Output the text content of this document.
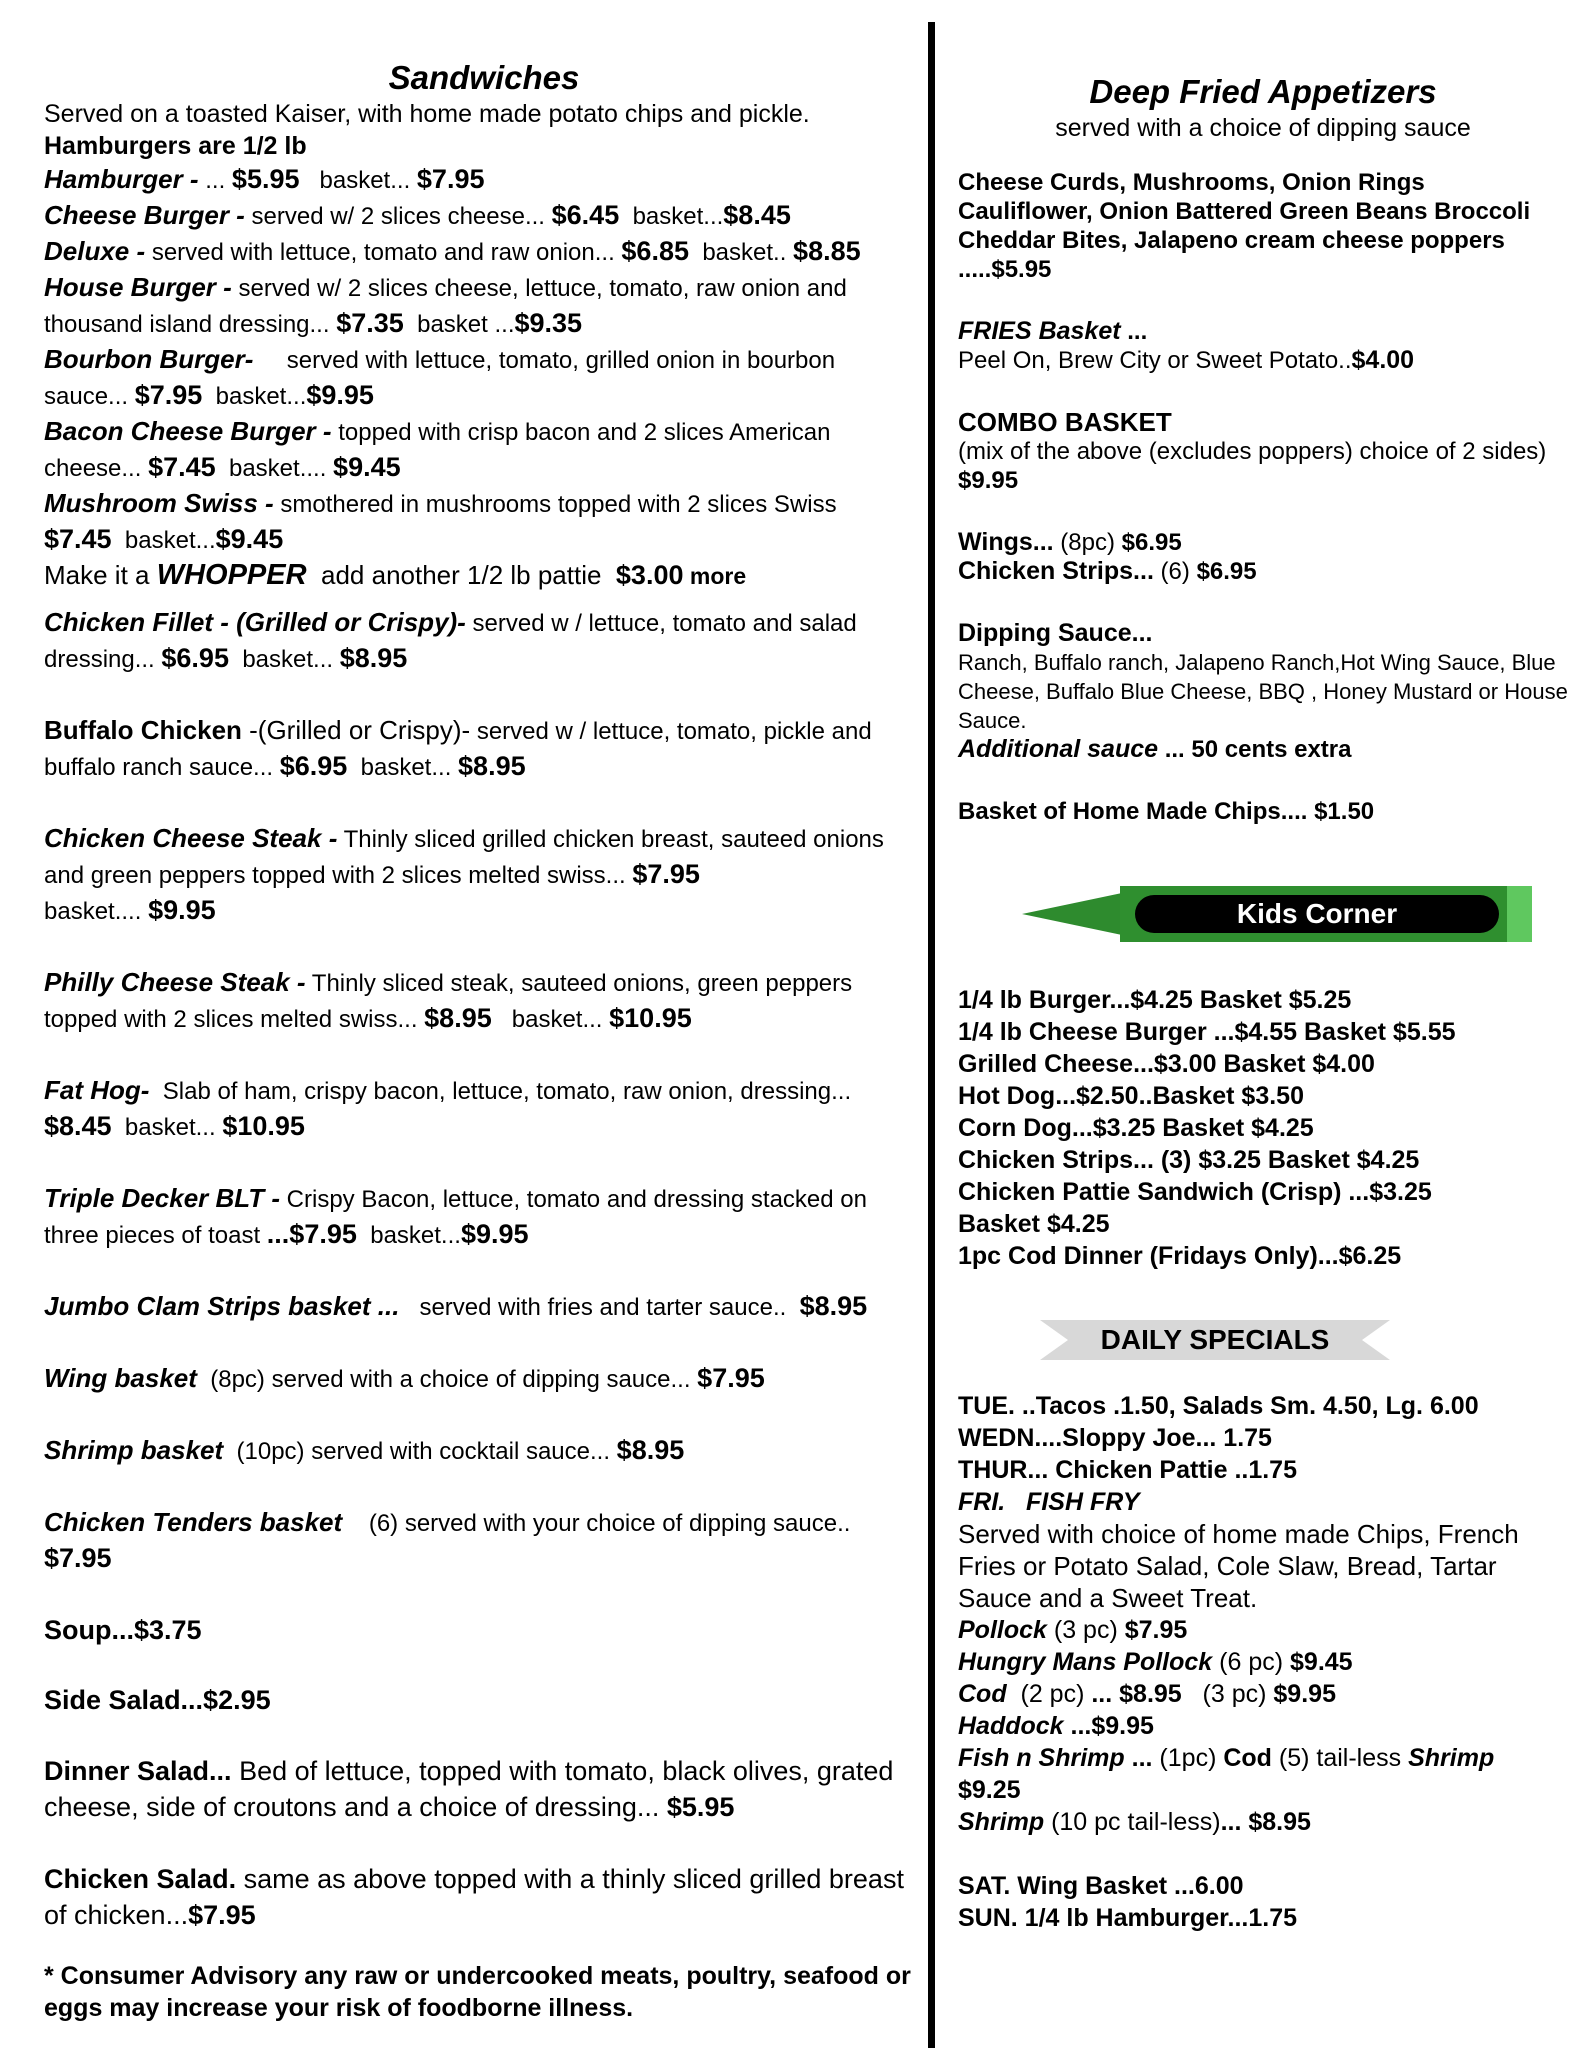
Sandwiches
Served on a toasted Kaiser, with home made potato chips and pickle.
Hamburgers are 1/2 lb
Hamburger - ... $5.95 basket... $7.95
Cheese Burger - served w/ 2 slices cheese... $6.45 basket...$8.45
Deluxe - served with lettuce, tomato and raw onion... $6.85 basket.. $8.85
House Burger - served w/ 2 slices cheese, lettuce, tomato, raw onion and thousand island dressing... $7.35 basket ...$9.35
Bourbon Burger-     served with lettuce, tomato, grilled onion in bourbon sauce... $7.95 basket...$9.95
Bacon Cheese Burger - topped with crisp bacon and 2 slices American cheese... $7.45 basket.... $9.45
Mushroom Swiss - smothered in mushrooms topped with 2 slices Swiss
$7.45 basket...$9.45
Make it a WHOPPER  add another 1/2 lb pattie  $3.00 more
Chicken Fillet - (Grilled or Crispy)- served w / lettuce, tomato and salad dressing... $6.95 basket... $8.95
Buffalo Chicken -(Grilled or Crispy)- served w / lettuce, tomato, pickle and buffalo ranch sauce... $6.95 basket... $8.95
Chicken Cheese Steak - Thinly sliced grilled chicken breast, sauteed onions and green peppers topped with 2 slices melted swiss... $7.95
basket.... $9.95
Philly Cheese Steak - Thinly sliced steak, sauteed onions, green peppers topped with 2 slices melted swiss... $8.95 basket... $10.95
Fat Hog-  Slab of ham, crispy bacon, lettuce, tomato, raw onion, dressing...
$8.45 basket... $10.95
Triple Decker BLT - Crispy Bacon, lettuce, tomato and dressing stacked on three pieces of toast ...$7.95 basket...$9.95
Jumbo Clam Strips basket ...   served with fries and tarter sauce..  $8.95
Wing basket  (8pc) served with a choice of dipping sauce... $7.95
Shrimp basket  (10pc) served with cocktail sauce... $8.95
Chicken Tenders basket    (6) served with your choice of dipping sauce..
$7.95
Soup...$3.75
Side Salad...$2.95
Dinner Salad... Bed of lettuce, topped with tomato, black olives, grated cheese, side of croutons and a choice of dressing... $5.95
Chicken Salad. same as above topped with a thinly sliced grilled breast of chicken...$7.95
* Consumer Advisory any raw or undercooked meats, poultry, seafood or eggs may increase your risk of foodborne illness.
Deep Fried Appetizers
served with a choice of dipping sauce
Cheese Curds, Mushrooms, Onion Rings
Cauliflower, Onion Battered Green Beans Broccoli
Cheddar Bites, Jalapeno cream cheese poppers
.....$5.95
FRIES Basket ...
Peel On, Brew City or Sweet Potato..$4.00
COMBO BASKET
(mix of the above (excludes poppers) choice of 2 sides)
$9.95
Wings... (8pc) $6.95
Chicken Strips... (6) $6.95
Dipping Sauce...
Ranch, Buffalo ranch, Jalapeno Ranch,Hot Wing Sauce, Blue Cheese, Buffalo Blue Cheese, BBQ , Honey Mustard or House Sauce.
Additional sauce ... 50 cents extra
Basket of Home Made Chips.... $1.50
Kids Corner
1/4 lb Burger...$4.25 Basket $5.25
1/4 lb Cheese Burger ...$4.55 Basket $5.55
Grilled Cheese...$3.00 Basket $4.00
Hot Dog...$2.50..Basket $3.50
Corn Dog...$3.25 Basket $4.25
Chicken Strips... (3) $3.25 Basket $4.25
Chicken Pattie Sandwich (Crisp) ...$3.25
Basket $4.25
1pc Cod Dinner (Fridays Only)...$6.25
DAILY SPECIALS
TUE. ..Tacos .1.50, Salads Sm. 4.50, Lg. 6.00
WEDN....Sloppy Joe... 1.75
THUR... Chicken Pattie ..1.75
FRI.   FISH FRY
Served with choice of home made Chips, French Fries or Potato Salad, Cole Slaw, Bread, Tartar Sauce and a Sweet Treat.
Pollock (3 pc) $7.95
Hungry Mans Pollock (6 pc) $9.45
Cod  (2 pc) ... $8.95   (3 pc) $9.95
Haddock ...$9.95
Fish n Shrimp ... (1pc) Cod (5) tail-less Shrimp
$9.25
Shrimp (10 pc tail-less)... $8.95
SAT. Wing Basket ...6.00
SUN. 1/4 lb Hamburger...1.75
